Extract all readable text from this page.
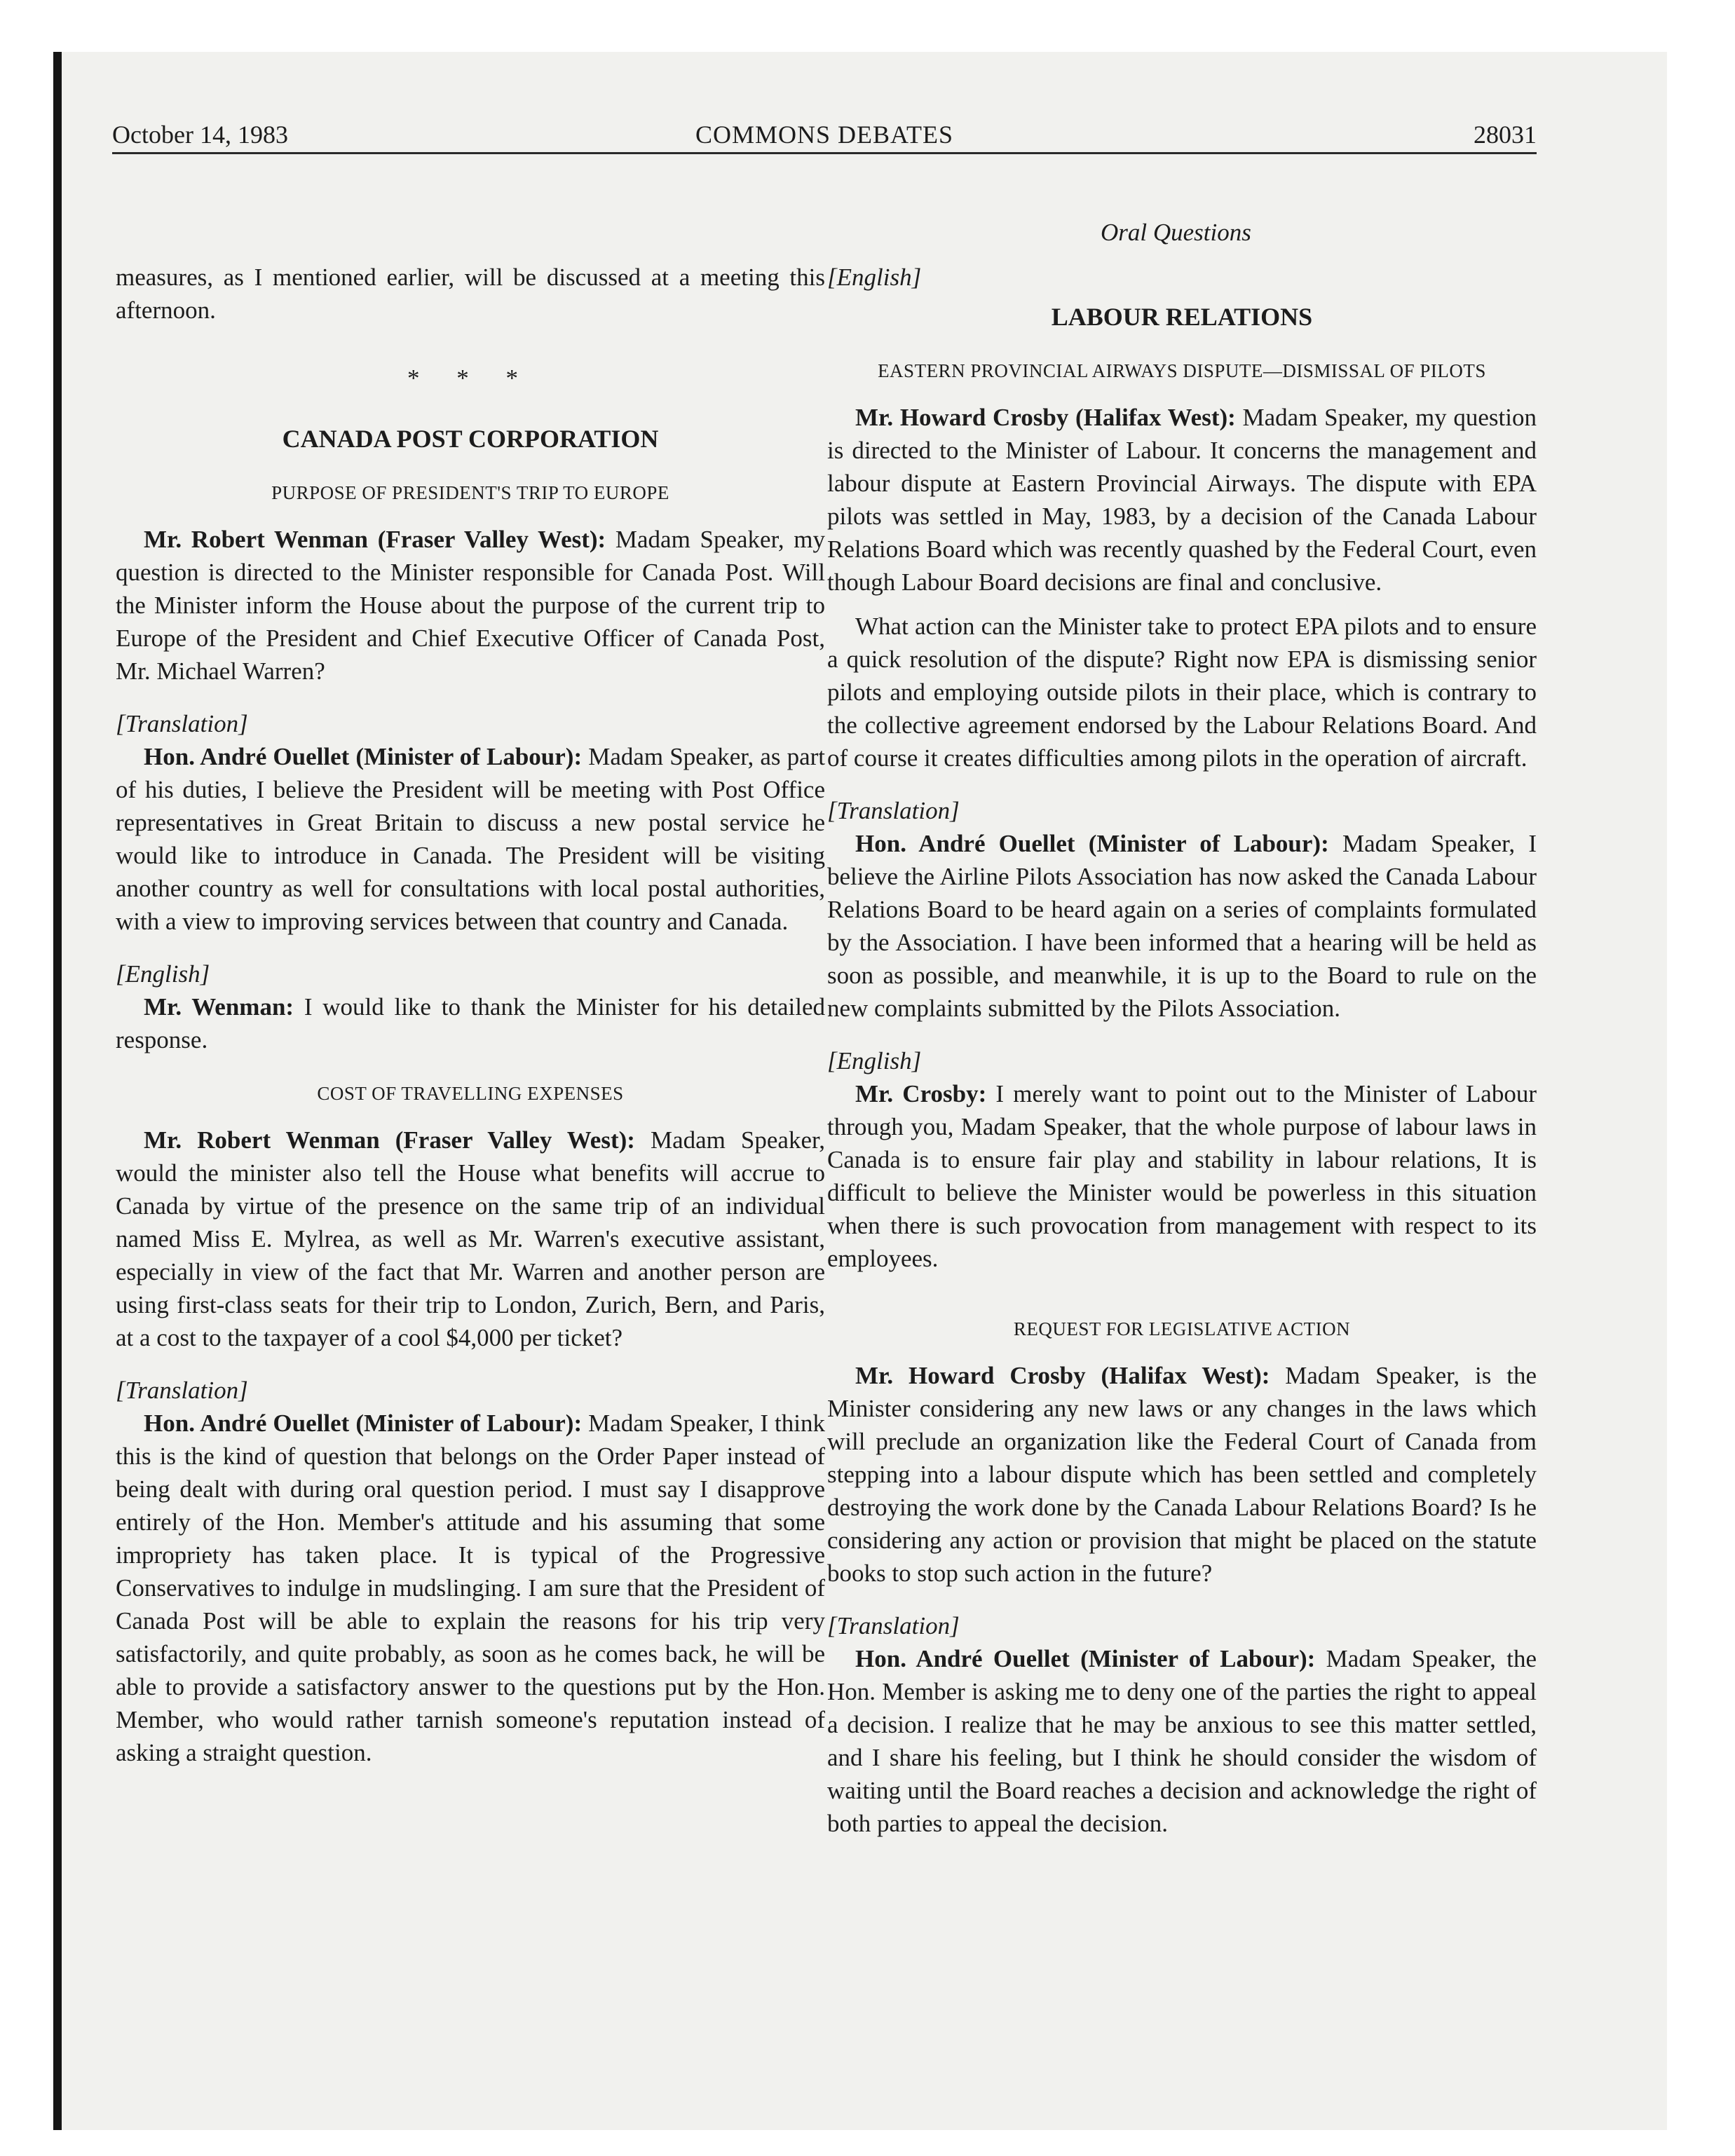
October 14, 1983	COMMONS DEBATES	28031
Oral Questions

measures, as I mentioned earlier, will be discussed at a meeting this afternoon.

* * *
CANADA POST CORPORATION
PURPOSE OF PRESIDENT'S TRIP TO EUROPE

Mr. Robert Wenman (Fraser Valley West): Madam Speaker, my question is directed to the Minister responsible for Canada Post. Will the Minister inform the House about the purpose of the current trip to Europe of the President and Chief Executive Officer of Canada Post, Mr. Michael Warren?

[Translation]

Hon. André Ouellet (Minister of Labour): Madam Speaker, as part of his duties, I believe the President will be meeting with Post Office representatives in Great Britain to discuss a new postal service he would like to introduce in Canada. The President will be visiting another country as well for consultations with local postal authorities, with a view to improving services between that country and Canada.

[English]

Mr. Wenman: I would like to thank the Minister for his detailed response.

COST OF TRAVELLING EXPENSES

Mr. Robert Wenman (Fraser Valley West): Madam Speaker, would the minister also tell the House what benefits will accrue to Canada by virtue of the presence on the same trip of an individual named Miss E. Mylrea, as well as Mr. Warren's executive assistant, especially in view of the fact that Mr. Warren and another person are using first-class seats for their trip to London, Zurich, Bern, and Paris, at a cost to the taxpayer of a cool $4,000 per ticket?

[Translation]

Hon. André Ouellet (Minister of Labour): Madam Speaker, I think this is the kind of question that belongs on the Order Paper instead of being dealt with during oral question period. I must say I disapprove entirely of the Hon. Member's attitude and his assuming that some impropriety has taken place. It is typical of the Progressive Conservatives to indulge in mudslinging. I am sure that the President of Canada Post will be able to explain the reasons for his trip very satisfactorily, and quite probably, as soon as he comes back, he will be able to provide a satisfactory answer to the questions put by the Hon. Member, who would rather tarnish someone's reputation instead of asking a straight question.

[English]
LABOUR RELATIONS
EASTERN PROVINCIAL AIRWAYS DISPUTE—DISMISSAL OF PILOTS

Mr. Howard Crosby (Halifax West): Madam Speaker, my question is directed to the Minister of Labour. It concerns the management and labour dispute at Eastern Provincial Airways. The dispute with EPA pilots was settled in May, 1983, by a decision of the Canada Labour Relations Board which was recently quashed by the Federal Court, even though Labour Board decisions are final and conclusive.

What action can the Minister take to protect EPA pilots and to ensure a quick resolution of the dispute? Right now EPA is dismissing senior pilots and employing outside pilots in their place, which is contrary to the collective agreement endorsed by the Labour Relations Board. And of course it creates difficulties among pilots in the operation of aircraft.

[Translation]

Hon. André Ouellet (Minister of Labour): Madam Speaker, I believe the Airline Pilots Association has now asked the Canada Labour Relations Board to be heard again on a series of complaints formulated by the Association. I have been informed that a hearing will be held as soon as possible, and meanwhile, it is up to the Board to rule on the new complaints submitted by the Pilots Association.

[English]

Mr. Crosby: I merely want to point out to the Minister of Labour through you, Madam Speaker, that the whole purpose of labour laws in Canada is to ensure fair play and stability in labour relations, It is difficult to believe the Minister would be powerless in this situation when there is such provocation from management with respect to its employees.

REQUEST FOR LEGISLATIVE ACTION

Mr. Howard Crosby (Halifax West): Madam Speaker, is the Minister considering any new laws or any changes in the laws which will preclude an organization like the Federal Court of Canada from stepping into a labour dispute which has been settled and completely destroying the work done by the Canada Labour Relations Board? Is he considering any action or provision that might be placed on the statute books to stop such action in the future?

[Translation]

Hon. André Ouellet (Minister of Labour): Madam Speaker, the Hon. Member is asking me to deny one of the parties the right to appeal a decision. I realize that he may be anxious to see this matter settled, and I share his feeling, but I think he should consider the wisdom of waiting until the Board reaches a decision and acknowledge the right of both parties to appeal the decision.
